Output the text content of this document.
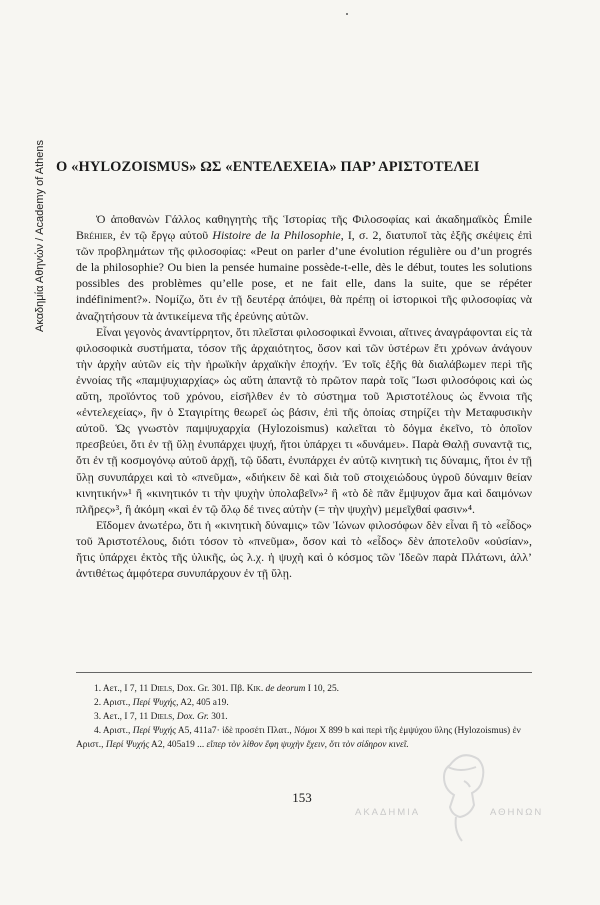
Ακαδημία Αθηνών / Academy of Athens Ο «HYLOZOISMUS» ΩΣ «ΕΝΤΕΛΕΧΕΙΑ» ΠΑΡ’ ΑΡΙΣΤΟΤΕΛΕΙ

Ὁ ἀποθανὼν Γάλλος καθηγητὴς τῆς Ἱστορίας τῆς Φιλοσοφίας καὶ ἀκαδημαϊκὸς Émile Bréhier, ἐν τῷ ἔργῳ αὐτοῦ Histoire de la Philosophie, I, σ. 2, διατυποῖ τὰς ἑξῆς σκέψεις ἐπὶ τῶν προβλημάτων τῆς φιλοσοφίας: «Peut on parler d’une évolution régulière ou d’un progrés de la philosophie? Ou bien la pensée humaine possède-t-elle, dès le début, toutes les solutions possibles des problèmes qu’elle pose, et ne fait elle, dans la suite, que se répéter indéfiniment?». Νομίζω, ὅτι ἐν τῇ δευτέρᾳ ἀπόψει, θὰ πρέπῃ οἱ ἱστορικοὶ τῆς φιλοσοφίας νὰ ἀναζητήσουν τὰ ἀντικείμενα τῆς ἐρεύνης αὐτῶν.

Εἶναι γεγονὸς ἀναντίρρητον, ὅτι πλεῖσται φιλοσοφικαὶ ἔννοιαι, αἵτινες ἀναγράφονται εἰς τὰ φιλοσοφικὰ συστήματα, τόσον τῆς ἀρχαιότητος, ὅσον καὶ τῶν ὑστέρων ἔτι χρόνων ἀνάγουν τὴν ἀρχὴν αὐτῶν εἰς τὴν ἡρωϊκὴν ἀρχαϊκὴν ἐποχήν. Ἐν τοῖς ἑξῆς θὰ διαλάβωμεν περὶ τῆς ἐννοίας τῆς «παμψυχιαρχίας» ὡς αὕτη ἀπαντᾷ τὸ πρῶτον παρὰ τοῖς Ἴωσι φιλοσόφοις καὶ ὡς αὕτη, προϊόντος τοῦ χρόνου, εἰσῆλθεν ἐν τὸ σύστημα τοῦ Ἀριστοτέλους ὡς ἔννοια τῆς «ἐντελεχείας», ἣν ὁ Σταγιρίτης θεωρεῖ ὡς βάσιν, ἐπὶ τῆς ὁποίας στηρίζει τὴν Μεταφυσικὴν αὐτοῦ. Ὡς γνωστὸν παμψυχαρχία (Hylozoismus) καλεῖται τὸ δόγμα ἐκεῖνο, τὸ ὁποῖον πρεσβεύει, ὅτι ἐν τῇ ὕλῃ ἐνυπάρχει ψυχή, ἤτοι ὑπάρχει τι «δυνάμει». Παρὰ Θαλῇ συναντᾷ τις, ὅτι ἐν τῇ κοσμογόνῳ αὐτοῦ ἀρχῇ, τῷ ὕδατι, ἐνυπάρχει ἐν αὐτῷ κινητικὴ τις δύναμις, ἤτοι ἐν τῇ ὕλῃ συνυπάρχει καὶ τὸ «πνεῦμα», «διήκειν δὲ καὶ διὰ τοῦ στοιχειώδους ὑγροῦ δύναμιν θείαν κινητικήν»¹ ἢ «κινητικόν τι τὴν ψυχὴν ὑπολαβεῖν»² ἢ «τὸ δὲ πᾶν ἔμψυχον ἅμα καὶ δαιμόνων πλῆρες»³, ἢ ἀκόμη «καὶ ἐν τῷ ὅλῳ δέ τινες αὐτὴν (= τὴν ψυχὴν) μεμεῖχθαί φασιν»⁴.

Εἴδομεν ἀνωτέρω, ὅτι ἡ «κινητικὴ δύναμις» τῶν Ἰώνων φιλοσόφων δὲν εἶναι ἢ τὸ «εἶδος» τοῦ Ἀριστοτέλους, διότι τόσον τὸ «πνεῦμα», ὅσον καὶ τὸ «εἶδος» δὲν ἀποτελοῦν «οὐσίαν», ἥτις ὑπάρχει ἐκτὸς τῆς ὑλικῆς, ὡς λ.χ. ἡ ψυχὴ καὶ ὁ κόσμος τῶν Ἰδεῶν παρὰ Πλάτωνι, ἀλλ’ ἀντιθέτως ἀμφότερα συνυπάρχουν ἐν τῇ ὕλῃ.

1. Αετ., I 7, 11 Diels, Dox. Gr. 301. Πβ. Κικ. de deorum I 10, 25.
2. Αριστ., Περί Ψυχής, Α2, 405 a19.
3. Αετ., I 7, 11 Diels, Dox. Gr. 301.
4. Αριστ., Περί Ψυχής Α5, 411a7· ἰδὲ προσέτι Πλατ., Νόμοι X 899 b καὶ περὶ τῆς ἐμψύχου ὕλης (Hylozoismus) ἐν Αριστ., Περί Ψυχής Α2, 405a19 ... εἴπερ τὸν λίθον ἔφη ψυχὴν ἔχειν, ὅτι τὸν σίδηρον κινεῖ.
153
ΑΚΑΔΗΜΙΑ	ΑΘΗΝΩΝ
